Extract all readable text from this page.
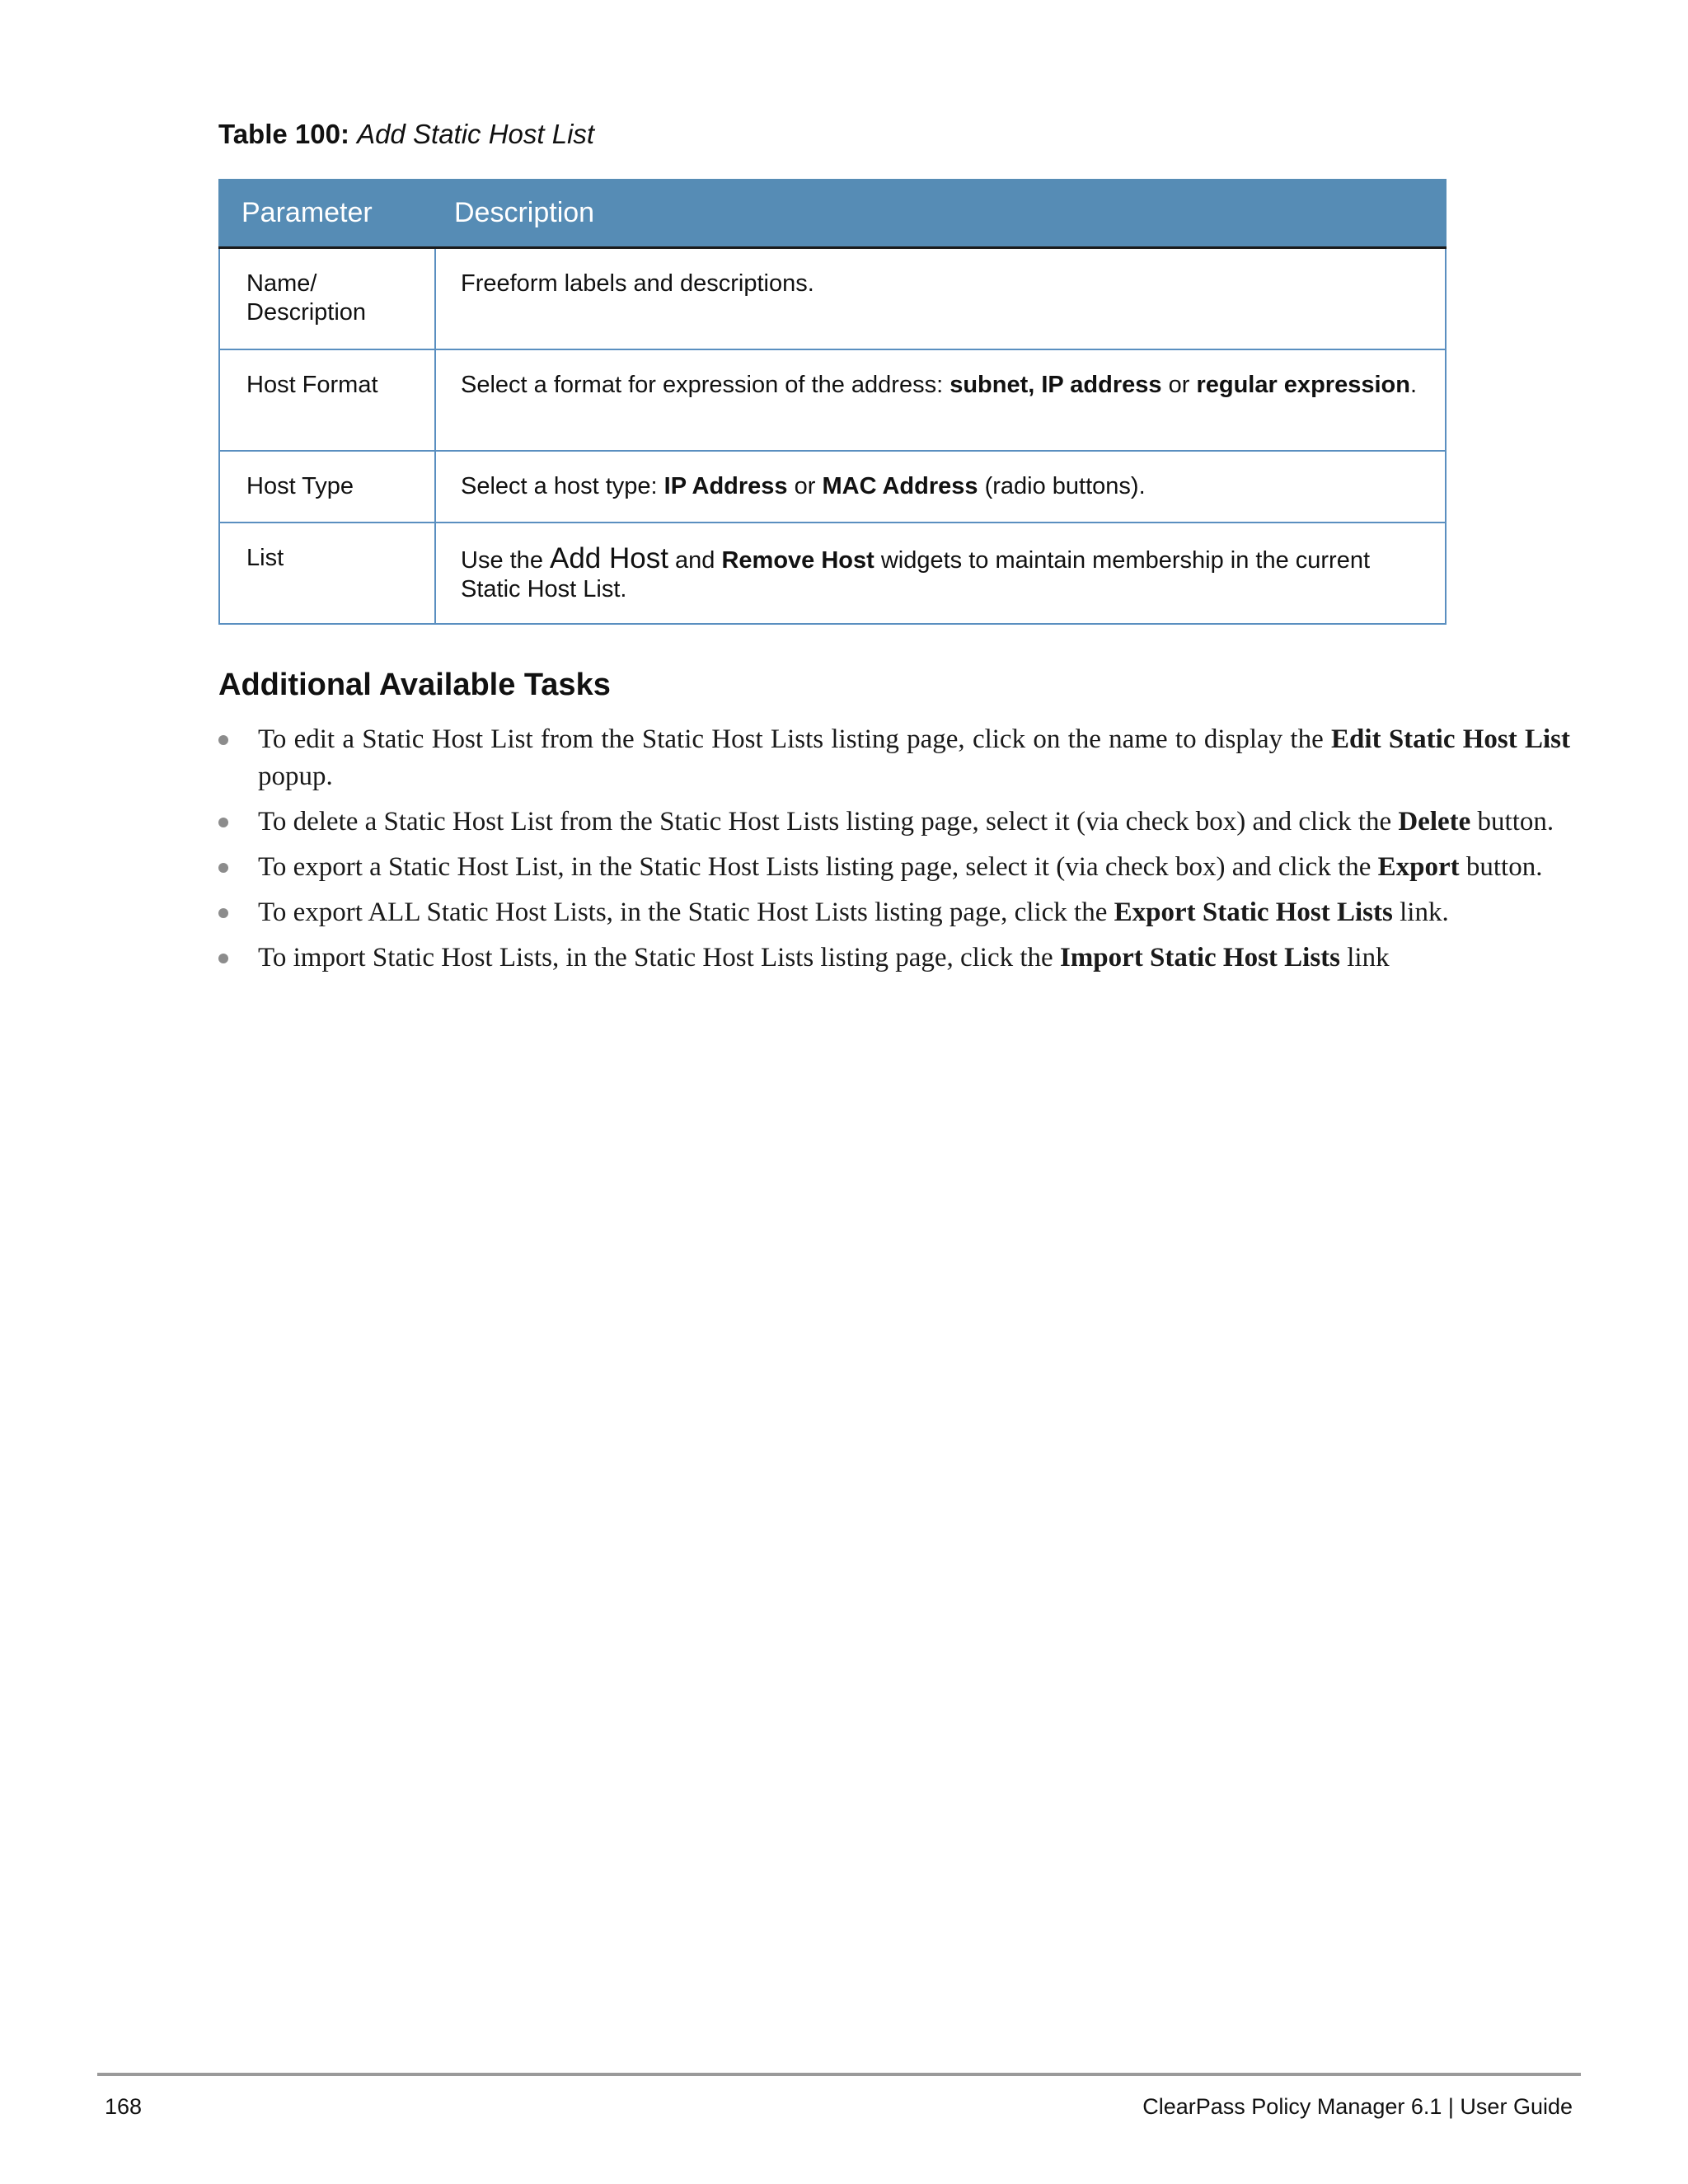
Table 100: Add Static Host List
Parameter	Description
Name/ Description	Freeform labels and descriptions.
Host Format	Select a format for expression of the address: subnet, IP address or regular expression.
Host Type	Select a host type: IP Address or MAC Address (radio buttons).
List	Use the Add Host and Remove Host widgets to maintain membership in the current Static Host List.
Additional Available Tasks
To edit a Static Host List from the Static Host Lists listing page, click on the name to display the Edit Static Host List popup.
To delete a Static Host List from the Static Host Lists listing page, select it (via check box) and click the Delete button.
To export a Static Host List, in the Static Host Lists listing page, select it (via check box) and click the Export button.
To export ALL Static Host Lists, in the Static Host Lists listing page, click the Export Static Host Lists link.
To import Static Host Lists, in the Static Host Lists listing page, click the Import Static Host Lists link
168	ClearPass Policy Manager 6.1 | User Guide
